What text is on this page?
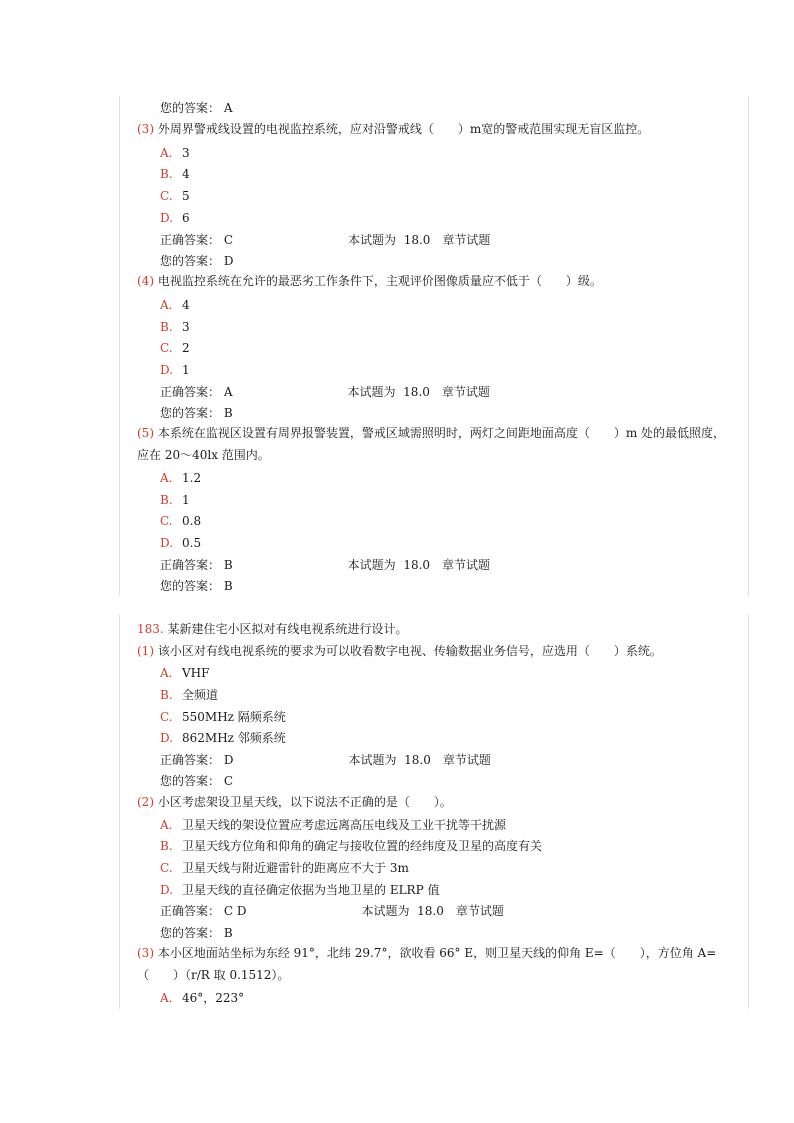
您的答案： A
(3) 外周界警戒线设置的电视监控系统，应对沿警戒线（　　）m宽的警戒范围实现无盲区监控。
A. 3
B. 4
C. 5
D. 6
正确答案： C	本试题为 18.0 章节试题
您的答案： D
(4) 电视监控系统在允许的最恶劣工作条件下，主观评价图像质量应不低于（　　）级。
A. 4
B. 3
C. 2
D. 1
正确答案： A	本试题为 18.0 章节试题
您的答案： B
(5) 本系统在监视区设置有周界报警装置，警戒区域需照明时，两灯之间距地面高度（　　）m 处的最低照度，应在 20～40lx 范围内。
A. 1.2
B. 1
C. 0.8
D. 0.5
正确答案： B	本试题为 18.0 章节试题
您的答案： B
183. 某新建住宅小区拟对有线电视系统进行设计。
(1) 该小区对有线电视系统的要求为可以收看数字电视、传输数据业务信号，应选用（　　）系统。
A. VHF
B. 全频道
C. 550MHz 隔频系统
D. 862MHz 邻频系统
正确答案： D	本试题为 18.0 章节试题
您的答案： C
(2) 小区考虑架设卫星天线，以下说法不正确的是（　　）。
A. 卫星天线的架设位置应考虑远离高压电线及工业干扰等干扰源
B. 卫星天线方位角和仰角的确定与接收位置的经纬度及卫星的高度有关
C. 卫星天线与附近避雷针的距离应不大于 3m
D. 卫星天线的直径确定依据为当地卫星的 ELRP 值
正确答案： C D	本试题为 18.0 章节试题
您的答案： B
(3) 本小区地面站坐标为东经 91°，北纬 29.7°，欲收看 66° E，则卫星天线的仰角 E=（　　），方位角 A=（　　）（r/R 取 0.1512）。
A. 46°，223°
